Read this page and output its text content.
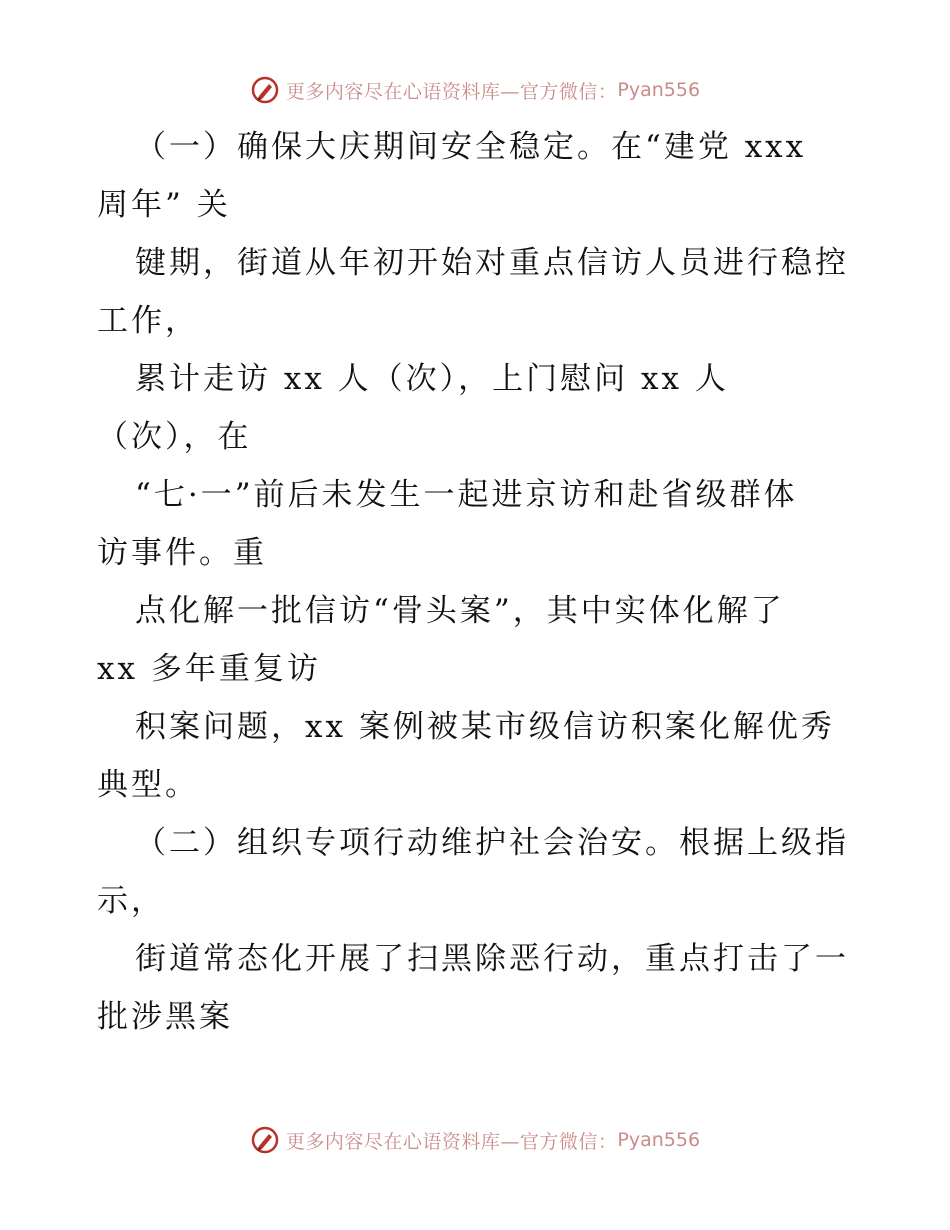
更多内容尽在心语资料库—官方微信： Pyan556
（一）确保大庆期间安全稳定。在“建党 xxx
周年” 关
键期，街道从年初开始对重点信访人员进行稳控
工作，
累计走访 xx 人（次），上门慰问 xx 人
（次），在
“七·一”前后未发生一起进京访和赴省级群体
访事件。重
点化解一批信访“骨头案”，其中实体化解了
xx 多年重复访
积案问题，xx 案例被某市级信访积案化解优秀
典型。
（二）组织专项行动维护社会治安。根据上级指
示，
街道常态化开展了扫黑除恶行动，重点打击了一
批涉黑案
更多内容尽在心语资料库—官方微信： Pyan556
